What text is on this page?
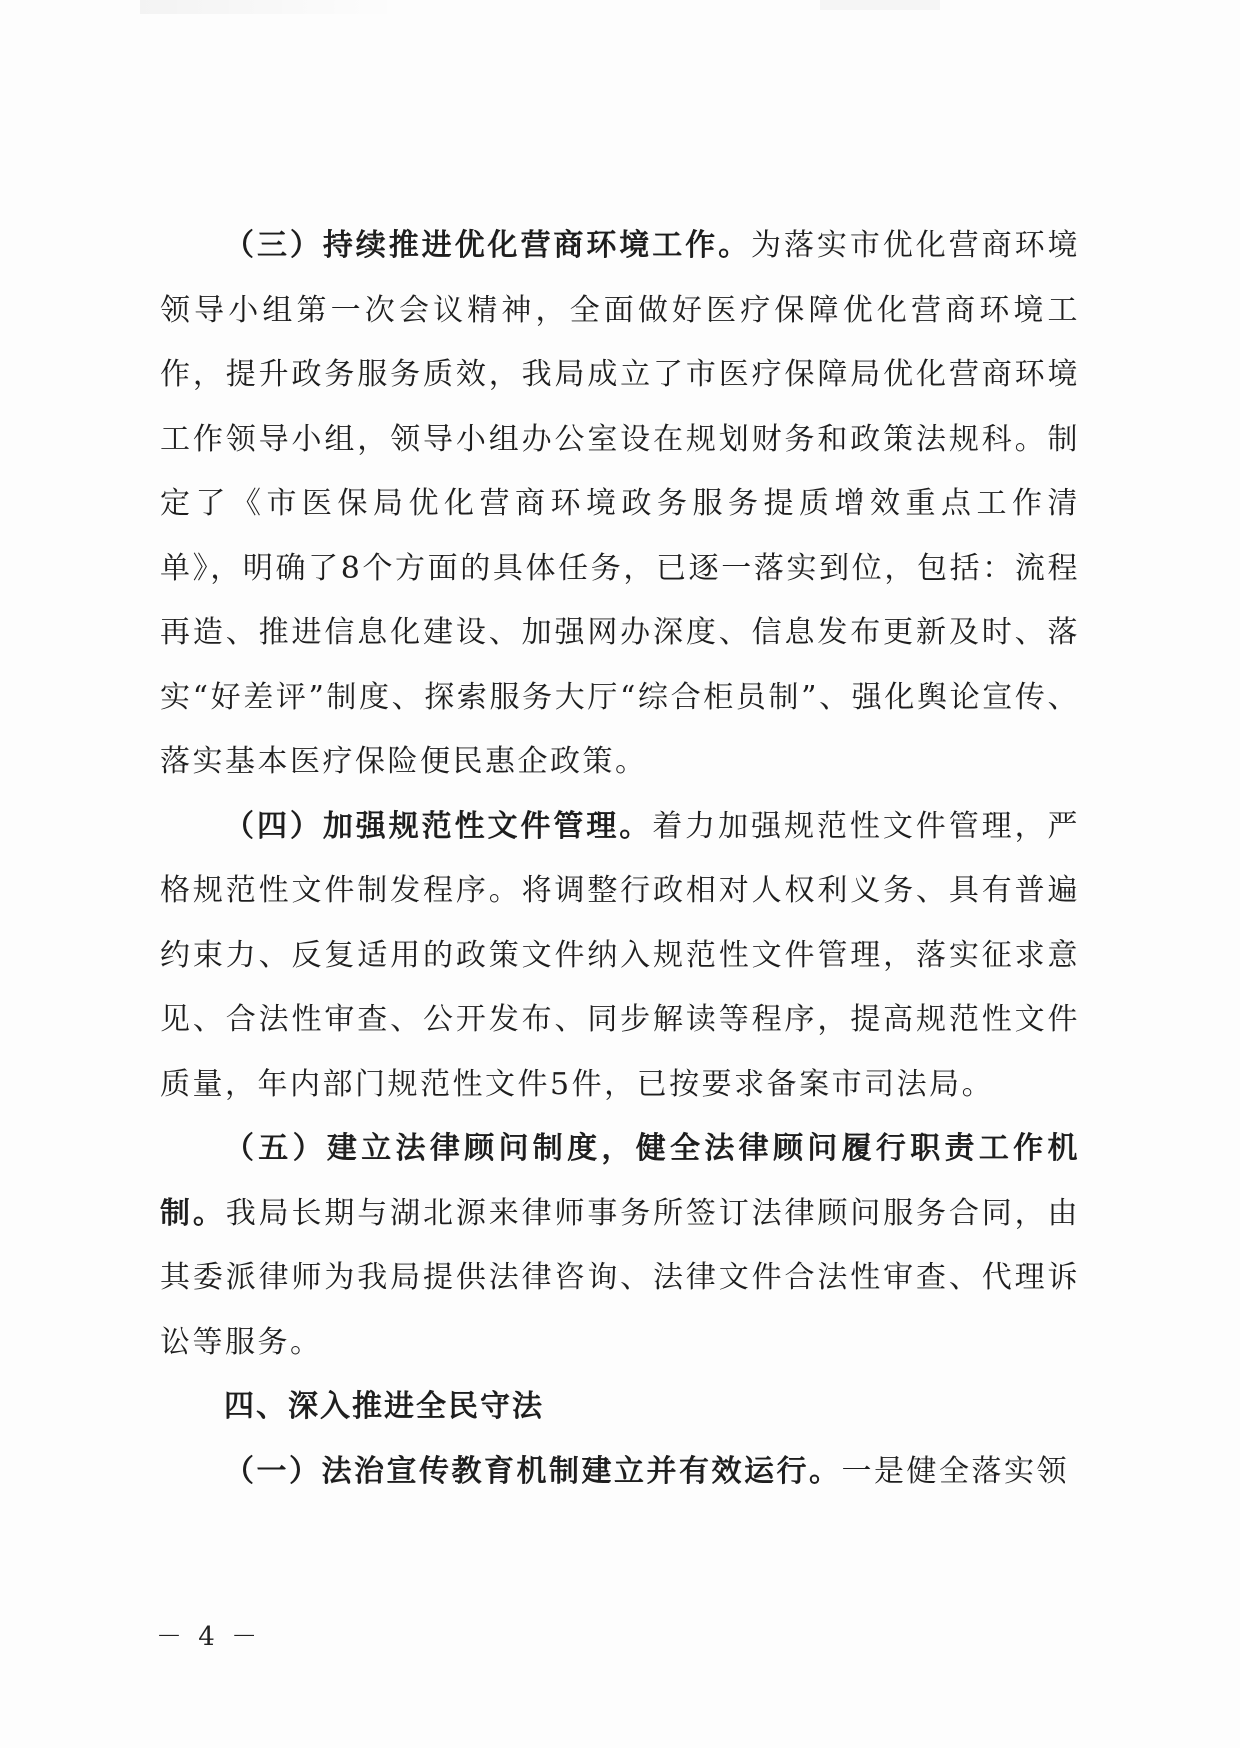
（三）持续推进优化营商环境工作。为落实市优化营商环境领导小组第一次会议精神，全面做好医疗保障优化营商环境工作，提升政务服务质效，我局成立了市医疗保障局优化营商环境工作领导小组，领导小组办公室设在规划财务和政策法规科。制定了《市医保局优化营商环境政务服务提质增效重点工作清单》，明确了8个方面的具体任务，已逐一落实到位，包括：流程再造、推进信息化建设、加强网办深度、信息发布更新及时、落实“好差评”制度、探索服务大厅“综合柜员制”、强化舆论宣传、落实基本医疗保险便民惠企政策。

（四）加强规范性文件管理。着力加强规范性文件管理，严格规范性文件制发程序。将调整行政相对人权利义务、具有普遍约束力、反复适用的政策文件纳入规范性文件管理，落实征求意见、合法性审查、公开发布、同步解读等程序，提高规范性文件质量，年内部门规范性文件5件，已按要求备案市司法局。

（五）建立法律顾问制度，健全法律顾问履行职责工作机制。我局长期与湖北源来律师事务所签订法律顾问服务合同，由其委派律师为我局提供法律咨询、法律文件合法性审查、代理诉讼等服务。

四、深入推进全民守法

（一）法治宣传教育机制建立并有效运行。一是健全落实领

－ 4 －
